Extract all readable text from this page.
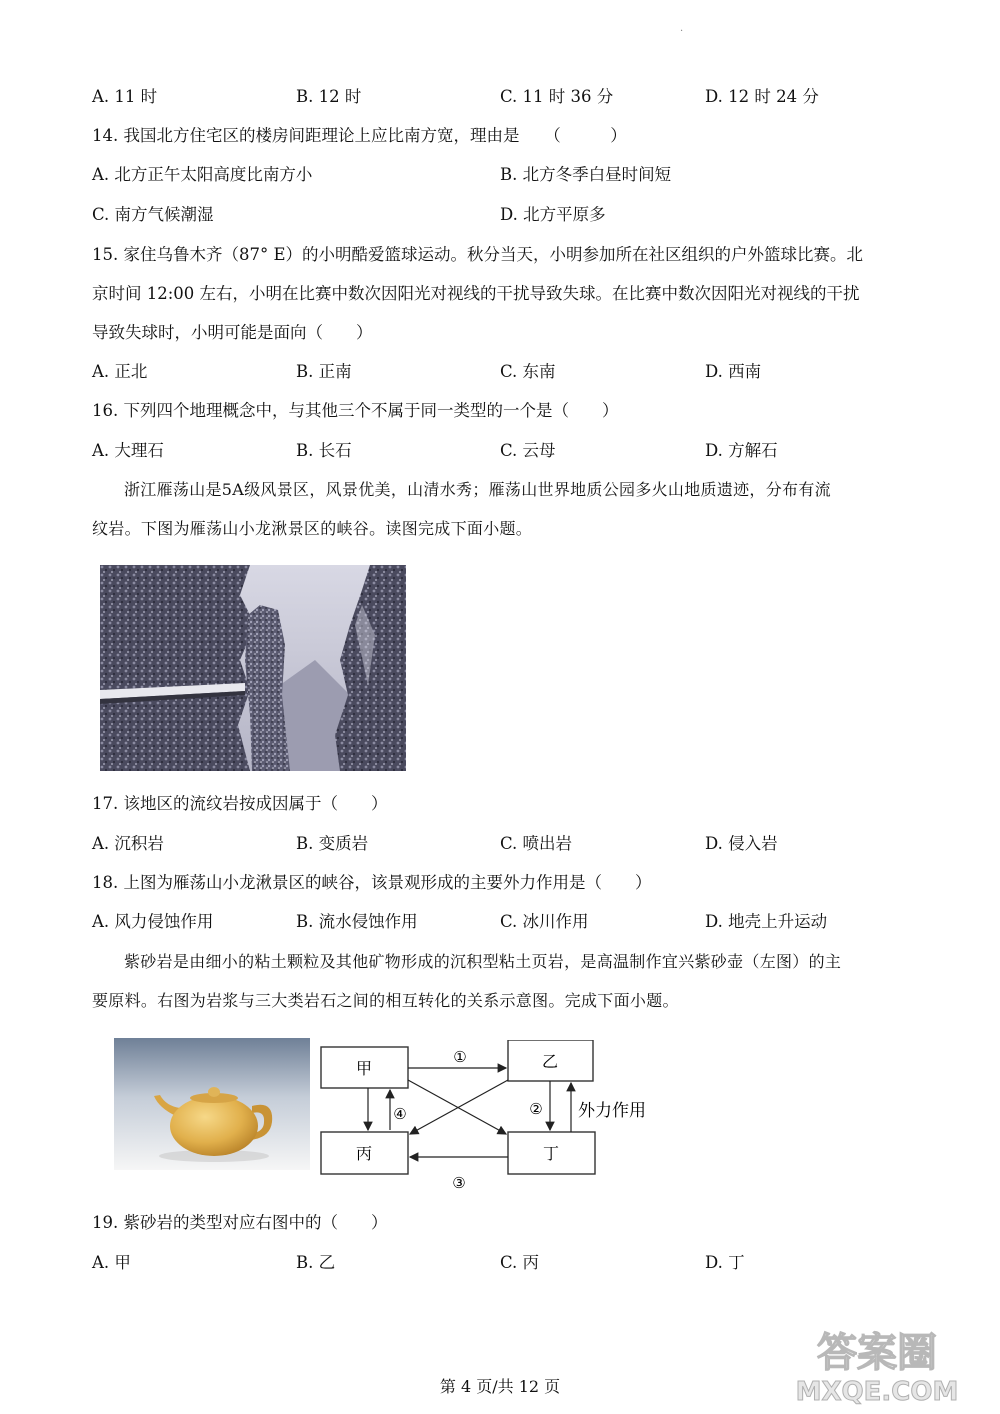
·
A. 11 时	B. 12 时	C. 11 时 36 分	D. 12 时 24 分
14. 我国北方住宅区的楼房间距理论上应比南方宽，理由是　　（　　　）
A. 北方正午太阳高度比南方小	B. 北方冬季白昼时间短
C. 南方气候潮湿	D. 北方平原多
15. 家住乌鲁木齐（87° E）的小明酷爱篮球运动。秋分当天，小明参加所在社区组织的户外篮球比赛。北
京时间 12:00 左右，小明在比赛中数次因阳光对视线的干扰导致失球。在比赛中数次因阳光对视线的干扰
导致失球时，小明可能是面向（　　）
A. 正北	B. 正南	C. 东南	D. 西南
16. 下列四个地理概念中，与其他三个不属于同一类型的一个是（　　）
A. 大理石	B. 长石	C. 云母	D. 方解石
浙江雁荡山是5A级风景区，风景优美，山清水秀；雁荡山世界地质公园多火山地质遗迹，分布有流
纹岩。下图为雁荡山小龙湫景区的峡谷。读图完成下面小题。
17. 该地区的流纹岩按成因属于（　　）
A. 沉积岩	B. 变质岩	C. 喷出岩	D. 侵入岩
18. 上图为雁荡山小龙湫景区的峡谷，该景观形成的主要外力作用是（　　）
A. 风力侵蚀作用	B. 流水侵蚀作用	C. 冰川作用	D. 地壳上升运动
紫砂岩是由细小的粘土颗粒及其他矿物形成的沉积型粘土页岩，是高温制作宜兴紫砂壶（左图）的主
要原料。右图为岩浆与三大类岩石之间的相互转化的关系示意图。完成下面小题。
甲	乙
丙	丁
①
④	② 外力作用
③
19. 紫砂岩的类型对应右图中的（　　）
A. 甲	B. 乙	C. 丙	D. 丁
第 4 页/共 12 页
答案圈
MXQE.COM
